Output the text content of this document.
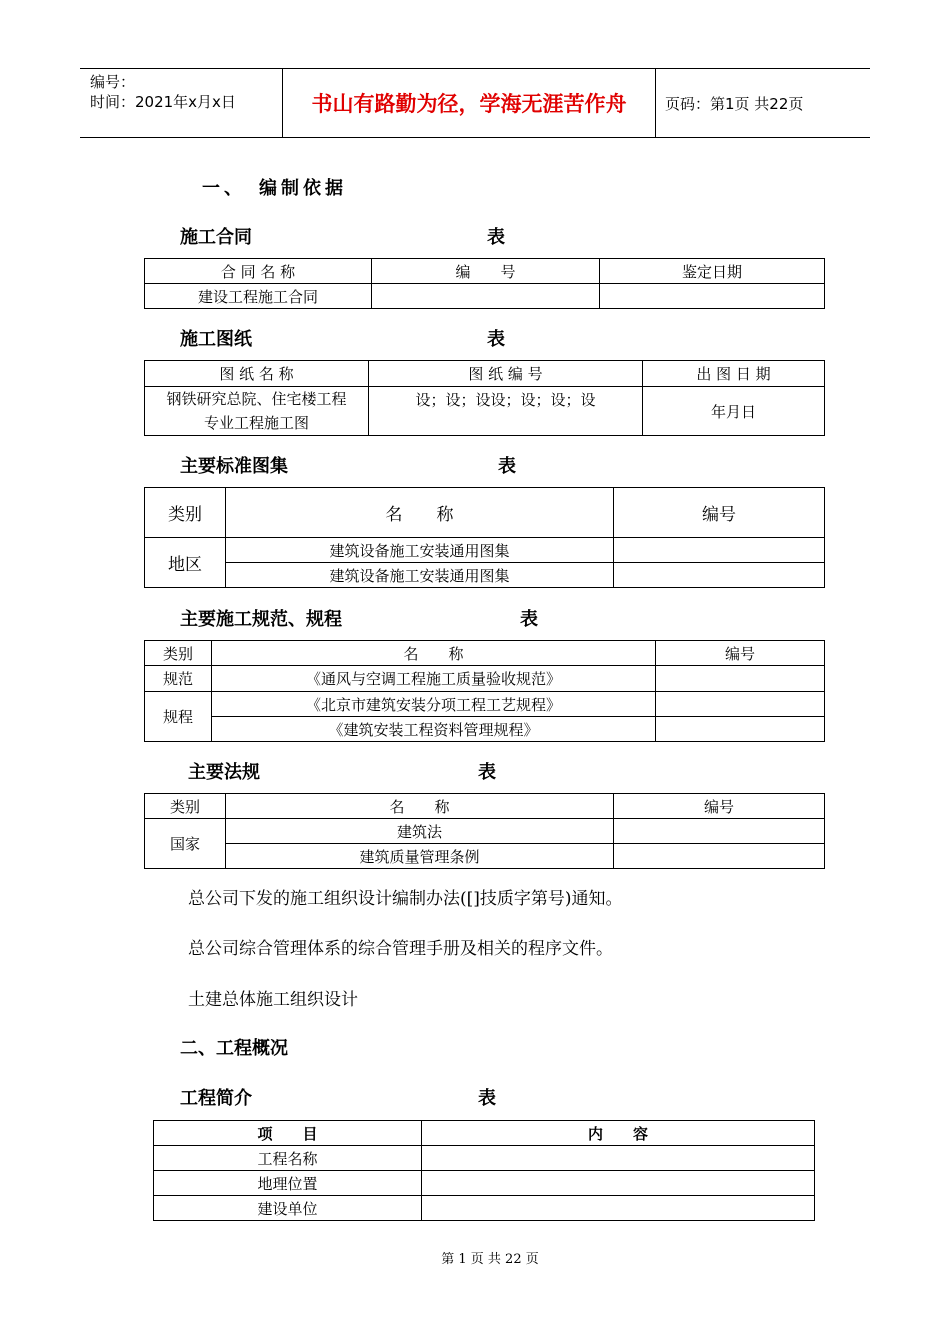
编号：
时间：2021年x月x日	书山有路勤为径，学海无涯苦作舟	页码：第1页 共22页
一、　编制依据
施工合同	表
合 同 名 称	编　　号	鉴定日期
建设工程施工合同		
施工图纸	表
图 纸 名 称	图 纸 编 号	出 图 日 期

钢铁研究总院、住宅楼工程
专业工程施工图	设；设；设设；设；设；设	年月日
主要标准图集	表
类别	名　　称	编号
地区	建筑设备施工安装通用图集	
	建筑设备施工安装通用图集	
主要施工规范、规程	表
类别	名　　称	编号
规范	《通风与空调工程施工质量验收规范》	
规程	《北京市建筑安装分项工程工艺规程》	
	《建筑安装工程资料管理规程》	
主要法规	表
类别	名　　称	编号
国家	建筑法	
	建筑质量管理条例	
总公司下发的施工组织设计编制办法([]技质字第号)通知。
总公司综合管理体系的综合管理手册及相关的程序文件。
土建总体施工组织设计
二、工程概况
工程简介	表
项　　目	内　　容
工程名称	
地理位置	
建设单位	
第 1 页 共 22 页
